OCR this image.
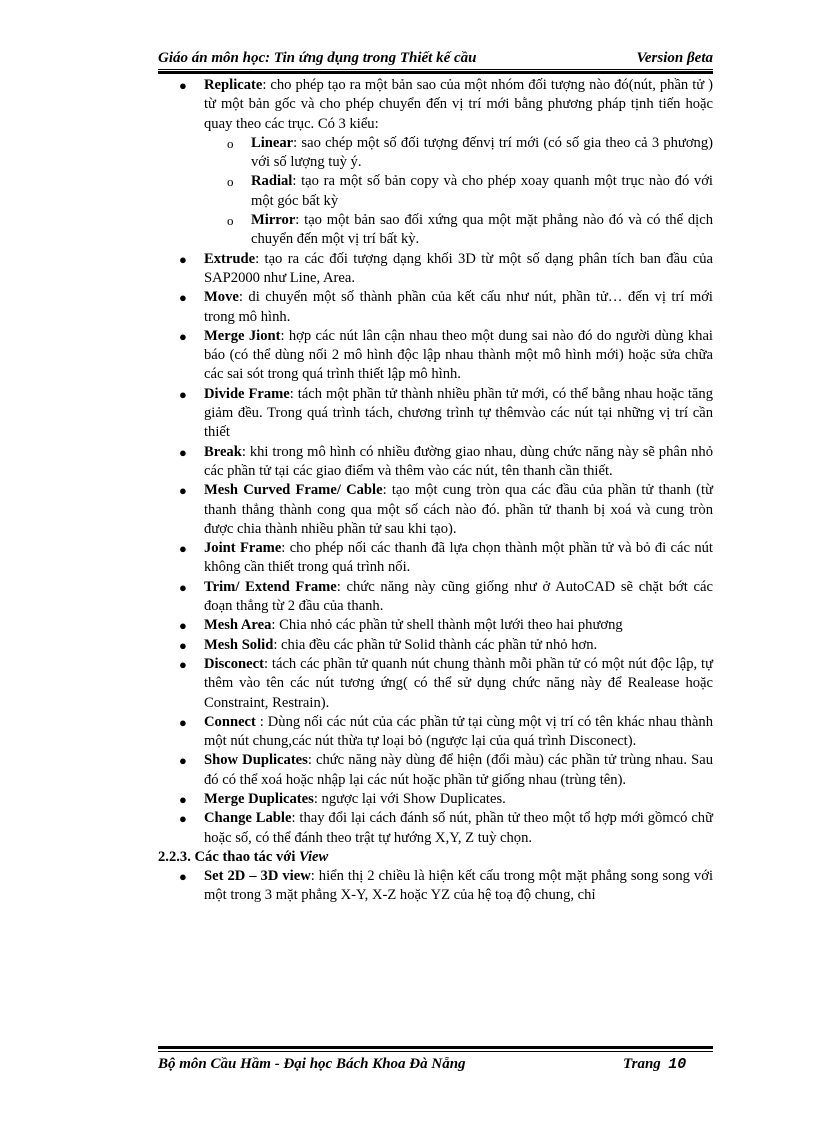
Giáo án môn học: Tin ứng dụng trong Thiết kế cầu	Version βeta
● Replicate: cho phép tạo ra một bản sao của một nhóm đối tượng nào đó(nút, phần tử ) từ một bản gốc và cho phép chuyển đến vị trí mới bằng phương pháp tịnh tiến hoặc quay theo các trục. Có 3 kiểu:
o Linear: sao chép một số đối tượng đếnvị trí mới (có số gia theo cả 3 phương) với số lượng tuỳ ý.
o Radial: tạo ra một số bản copy và cho phép xoay quanh một trục nào đó với một góc bất kỳ
o Mirror: tạo một bản sao đối xứng qua một mặt phẳng nào đó và có thể dịch chuyển đến một vị trí bất kỳ.
● Extrude: tạo ra các đối tượng dạng khối 3D từ một số dạng phân tích ban đầu của SAP2000 như Line, Area.
● Move: di chuyển một số thành phần của kết cấu như nút, phần tử… đến vị trí mới trong mô hình.
● Merge Jiont: hợp các nút lân cận nhau theo một dung sai nào đó do người dùng khai báo (có thể dùng nối 2 mô hình độc lập nhau thành một mô hình mới) hoặc sửa chữa các sai sót trong quá trình thiết lập mô hình.
● Divide Frame: tách một phần tử thành nhiều phần tử mới, có thể bằng nhau hoặc tăng giảm đều. Trong quá trình tách, chương trình tự thêmvào các nút tại những vị trí cần thiết
● Break: khi trong mô hình có nhiều đường giao nhau, dùng chức năng này sẽ phân nhỏ các phần tử tại các giao điểm và thêm vào các nút, tên thanh cần thiết.
● Mesh Curved Frame/ Cable: tạo một cung tròn qua các đầu của phần tử thanh (từ thanh thẳng thành cong qua một số cách nào đó. phần tử thanh bị xoá và cung tròn được chia thành nhiều phần tử sau khi tạo).
● Joint Frame: cho phép nối các thanh đã lựa chọn thành một phần tử và bỏ đi các nút không cần thiết trong quá trình nối.
● Trim/ Extend Frame: chức năng này cũng giống như ở AutoCAD sẽ chặt bớt các đoạn thẳng từ 2 đầu của thanh.
● Mesh Area: Chia nhỏ các phần tử shell thành một lưới theo hai phương
● Mesh Solid: chia đều các phần tử Solid thành các phần tử nhỏ hơn.
● Disconect: tách các phần tử quanh nút chung thành mỗi phần tử có một nút độc lập, tự thêm vào tên các nút tương ứng( có thể sử dụng chức năng này để Realease hoặc Constraint, Restrain).
● Connect : Dùng nối các nút của các phần tử tại cùng một vị trí có tên khác nhau thành một nút chung,các nút thừa tự loại bỏ (ngược lại của quá trình Disconect).
● Show Duplicates: chức năng này dùng để hiện (đổi màu) các phần tử trùng nhau. Sau đó có thể xoá hoặc nhập lại các nút hoặc phần tử giống nhau (trùng tên).
● Merge Duplicates: ngược lại với Show Duplicates.
● Change Lable: thay đổi lại cách đánh số nút, phần tử theo một tổ hợp mới gồmcó chữ hoặc số, có thể đánh theo trật tự hướng X,Y, Z tuỳ chọn.

2.2.3. Các thao tác với View

● Set 2D – 3D view: hiển thị 2 chiều là hiện kết cấu trong một mặt phẳng song song với một trong 3 mặt phẳng X-Y, X-Z hoặc YZ của hệ toạ độ chung, chỉ
Bộ môn Cầu Hầm - Đại học Bách Khoa Đà Nẵng	Trang 10
